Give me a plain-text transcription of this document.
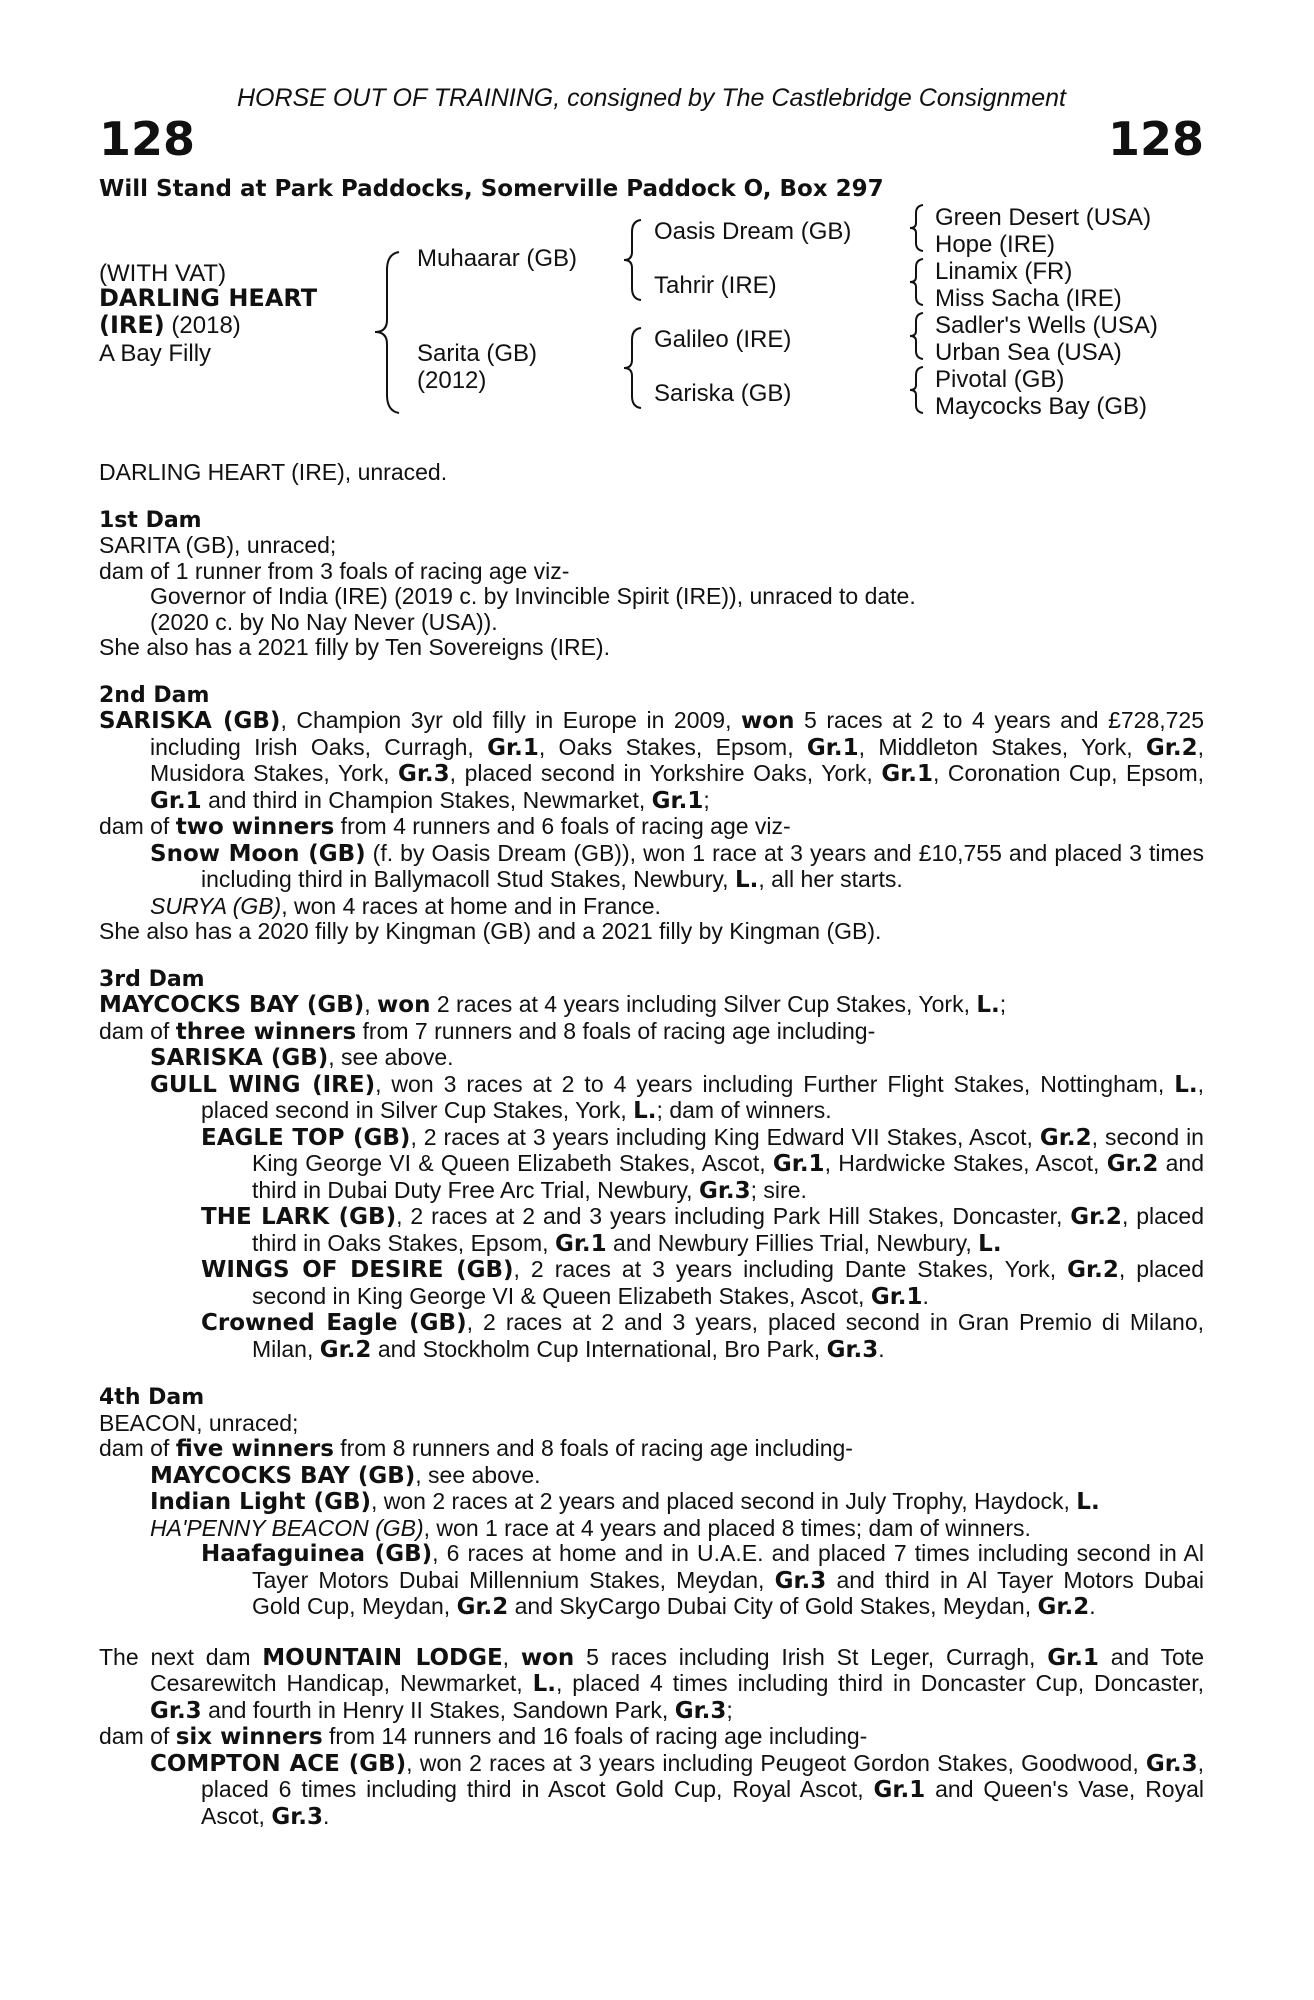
HORSE OUT OF TRAINING, consigned by The Castlebridge Consignment
128	128
Will Stand at Park Paddocks, Somerville Paddock O, Box 297
(WITH VAT)
DARLING HEART
(IRE) (2018)
A Bay Filly
Muhaarar (GB)
Sarita (GB)
(2012)
Oasis Dream (GB)
Tahrir (IRE)
Galileo (IRE)
Sariska (GB)
Green Desert (USA)
Hope (IRE)
Linamix (FR)
Miss Sacha (IRE)
Sadler's Wells (USA)
Urban Sea (USA)
Pivotal (GB)
Maycocks Bay (GB)

DARLING HEART (IRE), unraced.

1st Dam

SARITA (GB), unraced;

dam of 1 runner from 3 foals of racing age viz-

Governor of India (IRE) (2019 c. by Invincible Spirit (IRE)), unraced to date.

(2020 c. by No Nay Never (USA)).

She also has a 2021 filly by Ten Sovereigns (IRE).

2nd Dam

SARISKA (GB), Champion 3yr old filly in Europe in 2009, won 5 races at 2 to 4 years and £728,725 including Irish Oaks, Curragh, Gr.1, Oaks Stakes, Epsom, Gr.1, Middleton Stakes, York, Gr.2, Musidora Stakes, York, Gr.3, placed second in Yorkshire Oaks, York, Gr.1, Coronation Cup, Epsom, Gr.1 and third in Champion Stakes, Newmarket, Gr.1;

dam of two winners from 4 runners and 6 foals of racing age viz-

Snow Moon (GB) (f. by Oasis Dream (GB)), won 1 race at 3 years and £10,755 and placed 3 times including third in Ballymacoll Stud Stakes, Newbury, L., all her starts.

SURYA (GB), won 4 races at home and in France.

She also has a 2020 filly by Kingman (GB) and a 2021 filly by Kingman (GB).

3rd Dam

MAYCOCKS BAY (GB), won 2 races at 4 years including Silver Cup Stakes, York, L.;

dam of three winners from 7 runners and 8 foals of racing age including-

SARISKA (GB), see above.

GULL WING (IRE), won 3 races at 2 to 4 years including Further Flight Stakes, Nottingham, L., placed second in Silver Cup Stakes, York, L.; dam of winners.

EAGLE TOP (GB), 2 races at 3 years including King Edward VII Stakes, Ascot, Gr.2, second in King George VI & Queen Elizabeth Stakes, Ascot, Gr.1, Hardwicke Stakes, Ascot, Gr.2 and third in Dubai Duty Free Arc Trial, Newbury, Gr.3; sire.

THE LARK (GB), 2 races at 2 and 3 years including Park Hill Stakes, Doncaster, Gr.2, placed third in Oaks Stakes, Epsom, Gr.1 and Newbury Fillies Trial, Newbury, L.

WINGS OF DESIRE (GB), 2 races at 3 years including Dante Stakes, York, Gr.2, placed second in King George VI & Queen Elizabeth Stakes, Ascot, Gr.1.

Crowned Eagle (GB), 2 races at 2 and 3 years, placed second in Gran Premio di Milano, Milan, Gr.2 and Stockholm Cup International, Bro Park, Gr.3.

4th Dam

BEACON, unraced;

dam of five winners from 8 runners and 8 foals of racing age including-

MAYCOCKS BAY (GB), see above.

Indian Light (GB), won 2 races at 2 years and placed second in July Trophy, Haydock, L.

HA'PENNY BEACON (GB), won 1 race at 4 years and placed 8 times; dam of winners.

Haafaguinea (GB), 6 races at home and in U.A.E. and placed 7 times including second in Al Tayer Motors Dubai Millennium Stakes, Meydan, Gr.3 and third in Al Tayer Motors Dubai Gold Cup, Meydan, Gr.2 and SkyCargo Dubai City of Gold Stakes, Meydan, Gr.2.

The next dam MOUNTAIN LODGE, won 5 races including Irish St Leger, Curragh, Gr.1 and Tote Cesarewitch Handicap, Newmarket, L., placed 4 times including third in Doncaster Cup, Doncaster, Gr.3 and fourth in Henry II Stakes, Sandown Park, Gr.3;

dam of six winners from 14 runners and 16 foals of racing age including-

COMPTON ACE (GB), won 2 races at 3 years including Peugeot Gordon Stakes, Goodwood, Gr.3, placed 6 times including third in Ascot Gold Cup, Royal Ascot, Gr.1 and Queen's Vase, Royal Ascot, Gr.3.
